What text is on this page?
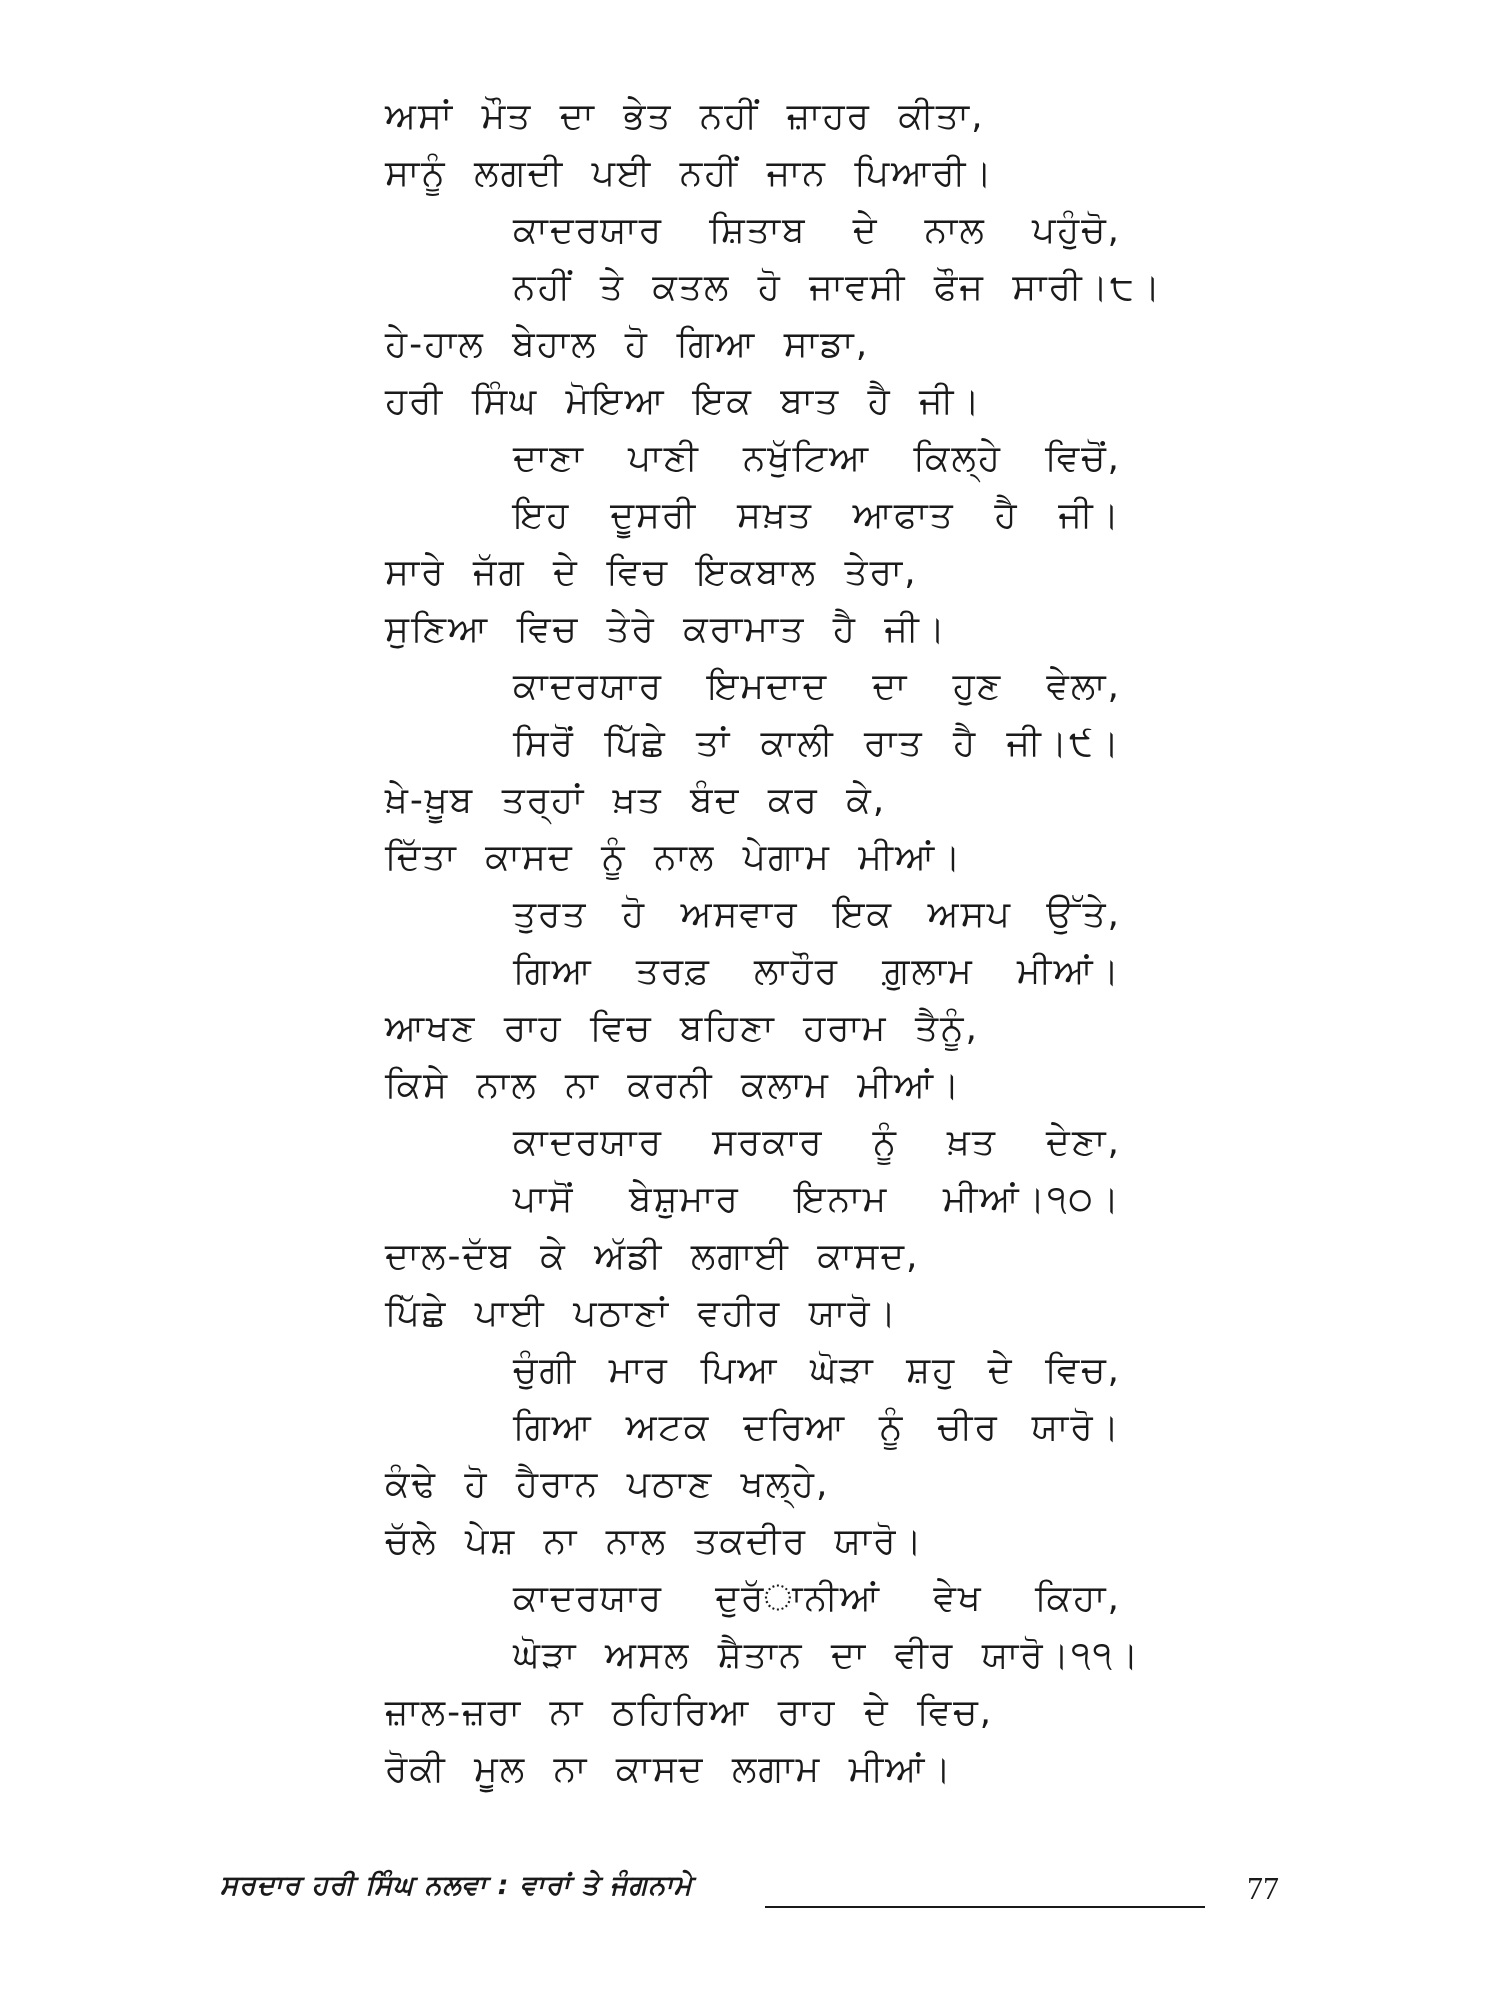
ਅਸਾਂ ਮੌਤ ਦਾ ਭੇਤ ਨਹੀਂ ਜ਼ਾਹਰ ਕੀਤਾ,
ਸਾਨੂੰ ਲਗਦੀ ਪਈ ਨਹੀਂ ਜਾਨ ਪਿਆਰੀ।
ਕਾਦਰਯਾਰ ਸ਼ਿਤਾਬ ਦੇ ਨਾਲ ਪਹੁੰਚੋ,
ਨਹੀਂ ਤੇ ਕਤਲ ਹੋ ਜਾਵਸੀ ਫੌਜ ਸਾਰੀ।੮।
ਹੇ-ਹਾਲ ਬੇਹਾਲ ਹੋ ਗਿਆ ਸਾਡਾ,
ਹਰੀ ਸਿੰਘ ਮੋਇਆ ਇਕ ਬਾਤ ਹੈ ਜੀ।
ਦਾਣਾ ਪਾਣੀ ਨਖੁੱਟਿਆ ਕਿਲ੍ਹੇ ਵਿਚੋਂ,
ਇਹ ਦੂਸਰੀ ਸਖ਼ਤ ਆਫਾਤ ਹੈ ਜੀ।
ਸਾਰੇ ਜੱਗ ਦੇ ਵਿਚ ਇਕਬਾਲ ਤੇਰਾ,
ਸੁਣਿਆ ਵਿਚ ਤੇਰੇ ਕਰਾਮਾਤ ਹੈ ਜੀ।
ਕਾਦਰਯਾਰ ਇਮਦਾਦ ਦਾ ਹੁਣ ਵੇਲਾ,
ਸਿਰੋਂ ਪਿੱਛੇ ਤਾਂ ਕਾਲੀ ਰਾਤ ਹੈ ਜੀ।੯।
ਖ਼ੇ-ਖ਼ੂਬ ਤਰ੍ਹਾਂ ਖ਼ਤ ਬੰਦ ਕਰ ਕੇ,
ਦਿੱਤਾ ਕਾਸਦ ਨੂੰ ਨਾਲ ਪੇਗਾਮ ਮੀਆਂ।
ਤੁਰਤ ਹੋ ਅਸਵਾਰ ਇਕ ਅਸਪ ਉੱਤੇ,
ਗਿਆ ਤਰਫ਼ ਲਾਹੌਰ ਗ਼ੁਲਾਮ ਮੀਆਂ।
ਆਖਣ ਰਾਹ ਵਿਚ ਬਹਿਣਾ ਹਰਾਮ ਤੈਨੂੰ,
ਕਿਸੇ ਨਾਲ ਨਾ ਕਰਨੀ ਕਲਾਮ ਮੀਆਂ।
ਕਾਦਰਯਾਰ ਸਰਕਾਰ ਨੂੰ ਖ਼ਤ ਦੇਣਾ,
ਪਾਸੋਂ ਬੇਸ਼ੁਮਾਰ ਇਨਾਮ ਮੀਆਂ।੧੦।
ਦਾਲ-ਦੱਬ ਕੇ ਅੱਡੀ ਲਗਾਈ ਕਾਸਦ,
ਪਿੱਛੇ ਪਾਈ ਪਠਾਣਾਂ ਵਹੀਰ ਯਾਰੋ।
ਚੁੰਗੀ ਮਾਰ ਪਿਆ ਘੋੜਾ ਸ਼ਹੁ ਦੇ ਵਿਚ,
ਗਿਆ ਅਟਕ ਦਰਿਆ ਨੂੰ ਚੀਰ ਯਾਰੋ।
ਕੰਢੇ ਹੋ ਹੈਰਾਨ ਪਠਾਣ ਖਲ੍ਹੇ,
ਚੱਲੇ ਪੇਸ਼ ਨਾ ਨਾਲ ਤਕਦੀਰ ਯਾਰੋ।
ਕਾਦਰਯਾਰ ਦੁਰੱਾਨੀਆਂ ਵੇਖ ਕਿਹਾ,
ਘੋੜਾ ਅਸਲ ਸ਼ੈਤਾਨ ਦਾ ਵੀਰ ਯਾਰੋ।੧੧।
ਜ਼ਾਲ-ਜ਼ਰਾ ਨਾ ਠਹਿਰਿਆ ਰਾਹ ਦੇ ਵਿਚ,
ਰੋਕੀ ਮੂਲ ਨਾ ਕਾਸਦ ਲਗਾਮ ਮੀਆਂ।
ਸਰਦਾਰ ਹਰੀ ਸਿੰਘ ਨਲਵਾ : ਵਾਰਾਂ ਤੇ ਜੰਗਨਾਮੇ	77
